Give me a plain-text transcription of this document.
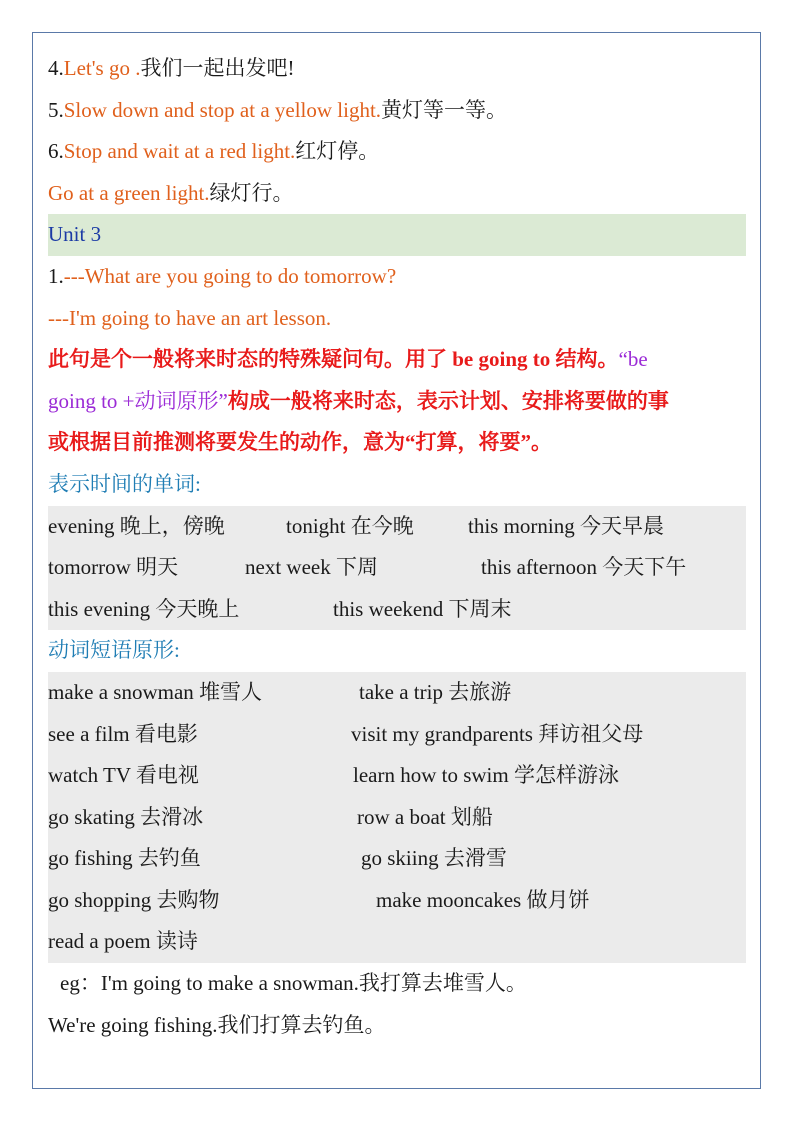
4.Let's go .我们一起出发吧!
5.Slow down and stop at a yellow light.黄灯等一等。
6.Stop and wait at a red light.红灯停。
Go at a green light.绿灯行。
Unit 3
1.---What are you going to do tomorrow?
---I'm going to have an art lesson.
此句是个一般将来时态的特殊疑问句。用了 be going to 结构。“be
going to +动词原形”构成一般将来时态，表示计划、安排将要做的事
或根据目前推测将要发生的动作，意为“打算，将要”。
表示时间的单词:
evening 晚上，傍晚	tonight 在今晚	this morning 今天早晨
tomorrow 明天	next week 下周	this afternoon 今天下午
this evening 今天晚上	this weekend 下周末
动词短语原形:
make a snowman 堆雪人	take a trip 去旅游
see a film 看电影	visit my grandparents 拜访祖父母
watch TV 看电视	learn how to swim 学怎样游泳
go skating 去滑冰	row a boat 划船
go fishing 去钓鱼	go skiing 去滑雪
go shopping 去购物	make mooncakes 做月饼
read a poem 读诗
eg：I'm going to make a snowman.我打算去堆雪人。
We're going fishing.我们打算去钓鱼。
